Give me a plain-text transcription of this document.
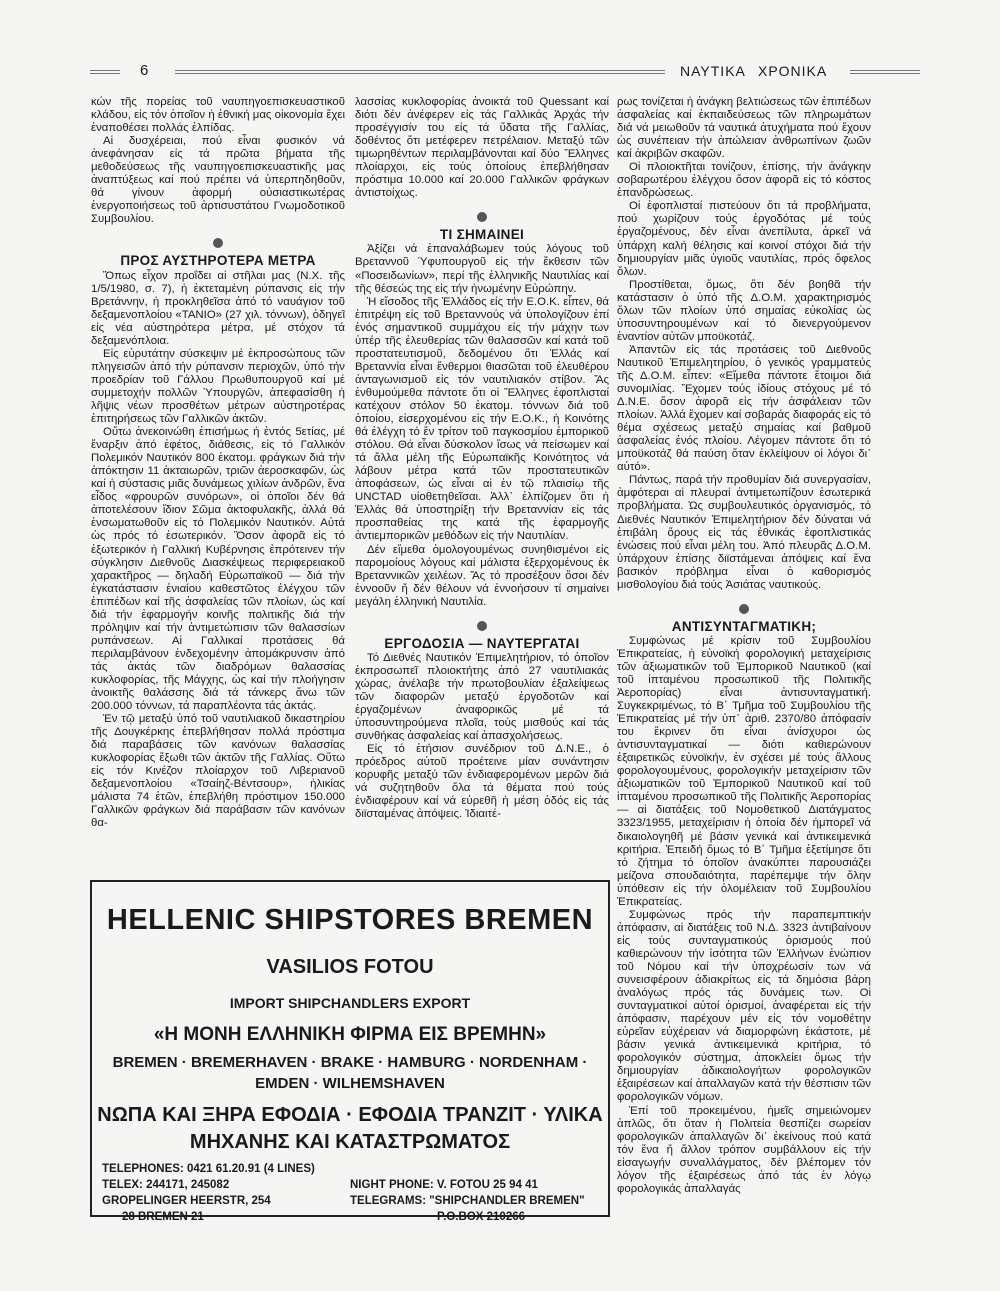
6	ΝΑΥΤΙΚΑ ΧΡΟΝΙΚΑ

κών τῆς πορείας τοῦ ναυπηγοεπισκευαστικοῦ κλάδου, εἰς τόν ὁποῖον ἡ ἐθνική μας οἰκονομία ἔχει ἐναποθέσει πολλάς ἐλπίδας.

Αἱ δυσχέρειαι, πού εἶναι φυσικόν νά ἀνεφάνησαν εἰς τά πρῶτα βήματα τῆς μεθοδεύσεως τῆς ναυπηγοεπισκευαστικῆς μας ἀναπτύξεως καί πού πρέπει νά ὑπερπηδηθοῦν, θά γίνουν ἀφορμή οὐσιαστικωτέρας ἐνεργοποιήσεως τοῦ ἀρτισυστάτου Γνωμοδοτικοῦ Συμβουλίου.

ΠΡΟΣ ΑΥΣΤΗΡΟΤΕΡΑ ΜΕΤΡΑ

Ὅπως εἶχον προΐδει αἱ στῆλαι μας (Ν.Χ. τῆς 1/5/1980, σ. 7), ἡ ἐκτεταμένη ρύπανσις εἰς τήν Βρετάννην, ἡ προκληθεῖσα ἀπό τό ναυάγιον τοῦ δεξαμενοπλοίου «ΤΑΝΙΟ» (27 χιλ. τόννων), ὁδηγεῖ εἰς νέα αὐστηρότερα μέτρα, μέ στόχον τά δεξαμενόπλοια.

Εἰς εὐρυτάτην σύσκεψιν μέ ἐκπροσώπους τῶν πληγεισῶν ἀπό τήν ρύπανσιν περιοχῶν, ὑπό τήν προεδρίαν τοῦ Γάλλου Πρωθυπουργοῦ καί μέ συμμετοχήν πολλῶν Ὑπουργῶν, ἀπεφασίσθη ἡ λῆψις νέων προσθέτων μέτρων αὐστηροτέρας ἐπιτηρήσεως τῶν Γαλλικῶν ἀκτῶν.

Οὕτω ἀνεκοινώθη ἐπισήμως ἡ ἐντός 5ετίας, μέ ἔναρξιν ἀπό ἐφέτος, διάθεσις, εἰς τό Γαλλικόν Πολεμικόν Ναυτικόν 800 ἑκατομ. φράγκων διά τήν ἀπόκτησιν 11 ἀκταιωρῶν, τριῶν ἀεροσκαφῶν, ὡς καί ἡ σύστασις μιᾶς δυνάμεως χιλίων ἀνδρῶν, ἕνα εἶδος «φρουρῶν συνόρων», οἱ ὁποῖοι δέν θά ἀποτελέσουν ἴδιον Σῶμα ἀκτοφυλακῆς, ἀλλά θά ἐνσωματωθοῦν εἰς τό Πολεμικόν Ναυτικόν. Αὐτά ὡς πρός τό ἐσωτερικόν. Ὅσον ἀφορᾶ εἰς τό ἐξωτερικόν ἡ Γαλλική Κυβέρνησις ἐπρότεινεν τήν σύγκλησιν Διεθνοῦς Διασκέψεως περιφερειακοῦ χαρακτῆρος — δηλαδή Εὐρωπαϊκοῦ — διά τήν ἐγκατάστασιν ἑνιαίου καθεστῶτος ἐλέγχου τῶν ἐπιπέδων καί τῆς ἀσφαλείας τῶν πλοίων, ὡς καί διά τήν ἐφαρμογήν κοινῆς πολιτικῆς διά τήν πρόληψιν καί τήν ἀντιμετώπισιν τῶν θαλασσίων ρυπάνσεων. Αἱ Γαλλικαί προτάσεις θά περιλαμβάνουν ἐνδεχομένην ἀπομάκρυνσιν ἀπό τάς ἀκτάς τῶν διαδρόμων θαλασσίας κυκλοφορίας, τῆς Μάγχης, ὡς καί τήν πλοήγησιν ἀνοικτῆς θαλάσσης διά τά τάνκερς ἄνω τῶν 200.000 τόννων, τά παραπλέοντα τάς ἀκτάς.

Ἐν τῷ μεταξύ ὑπό τοῦ ναυτιλιακοῦ δικαστηρίου τῆς Δουγκέρκης ἐπεβλήθησαν πολλά πρόστιμα διά παραβάσεις τῶν κανόνων θαλασσίας κυκλοφορίας ἔξωθι τῶν ἀκτῶν τῆς Γαλλίας. Οὕτω εἰς τόν Κινέζον πλοίαρχον τοῦ Λιβεριανοῦ δεξαμενοπλοίου «Τσαίηζ-Βέντσουρ», ἡλικίας μάλιστα 74 ἐτῶν, ἐπεβλήθη πρόστιμον 150.000 Γαλλικῶν φράγκων διά παράβασιν τῶν κανόνων θα-

λασσίας κυκλοφορίας ἀνοικτά τοῦ Quessant καί διότι δέν ἀνέφερεν εἰς τάς Γαλλικάς Ἀρχάς τήν προσέγγισίν του εἰς τά ὕδατα τῆς Γαλλίας, δοθέντος ὅτι μετέφερεν πετρέλαιον. Μεταξύ τῶν τιμωρηθέντων περιλαμβάνονται καί δύο Ἕλληνες πλοίαρχοι, εἰς τούς ὁποίους ἐπεβλήθησαν πρόστιμα 10.000 καί 20.000 Γαλλικῶν φράγκων ἀντιστοίχως.

ΤΙ ΣΗΜΑΙΝΕΙ

Ἀξίζει νά ἐπαναλάβωμεν τούς λόγους τοῦ Βρεταννοῦ Ὑφυπουργοῦ εἰς τήν ἔκθεσιν τῶν «Ποσειδωνίων», περί τῆς ἑλληνικῆς Ναυτιλίας καί τῆς θέσεώς της εἰς τήν ἡνωμένην Εὐρώπην.

Ἡ εἴσοδος τῆς Ἑλλάδος εἰς τήν Ε.Ο.Κ. εἶπεν, θά ἐπιτρέψη εἰς τοῦ Βρεταννούς νά ὑπολογίζουν ἐπί ἑνός σημαντικοῦ συμμάχου εἰς τήν μάχην των ὑπέρ τῆς ἐλευθερίας τῶν θαλασσῶν καί κατά τοῦ προστατευτισμοῦ, δεδομένου ὅτι Ἑλλάς καί Βρεταννία εἶναι ἔνθερμοι θιασῶται τοῦ ἐλευθέρου ἀνταγωνισμοῦ εἰς τόν ναυτιλιακόν στίβον. Ἄς ἐνθυμούμεθα πάντοτε ὅτι οἱ Ἕλληνες ἐφοπλισταί κατέχουν στόλον 50 ἑκατομ. τόννων διά τοῦ ὁποίου, εἰσερχομένου εἰς τήν Ε.Ο.Κ., ἡ Κοινότης θά ἐλέγχη τό ἕν τρίτον τοῦ παγκοσμίου ἐμπορικοῦ στόλου. Θά εἶναι δύσκολον ἴσως νά πείσωμεν καί τά ἄλλα μέλη τῆς Εὐρωπαϊκῆς Κοινότητος νά λάβουν μέτρα κατά τῶν προστατευτικῶν ἀποφάσεων, ὡς εἶναι αἱ ἐν τῷ πλαισίῳ τῆς UNCTAD υἱοθετηθεῖσαι. Ἀλλ᾽ ἐλπίζομεν ὅτι ἡ Ἑλλάς θά ὑποστηρίξη τήν Βρεταννίαν εἰς τάς προσπαθείας της κατά τῆς ἐφαρμογῆς ἀντιεμπορικῶν μεθόδων εἰς τήν Ναυτιλίαν.

Δέν εἴμεθα ὁμολογουμένως συνηθισμένοι εἰς παρομοίους λόγους καί μάλιστα ἐξερχομένους ἐκ Βρεταννικῶν χειλέων. Ἄς τό προσέξουν ὅσοι δέν ἐννοοῦν ἤ δέν θέλουν νά ἐννοήσουν τί σημαίνει μεγάλη ἑλληνική Ναυτιλία.

ΕΡΓΟΔΟΣΙΑ — ΝΑΥΤΕΡΓΑΤΑΙ

Τό Διεθνές Ναυτικόν Ἐπιμελητήριον, τό ὁποῖον ἐκπροσωπεῖ πλοιοκτήτης ἀπό 27 ναυτιλιακάς χώρας, ἀνέλαβε τήν πρωτοβουλίαν ἐξαλείψεως τῶν διαφορῶν μεταξύ ἐργοδοτῶν καί ἐργαζομένων ἀναφορικῶς μέ τά ὑποσυντηρούμενα πλοῖα, τούς μισθούς καί τάς συνθήκας ἀσφαλείας καί ἀπασχολήσεως.

Εἰς τό ἐτήσιον συνέδριον τοῦ Δ.Ν.Ε., ὁ πρόεδρος αὐτοῦ προέτεινε μίαν συνάντησιν κορυφῆς μεταξύ τῶν ἐνδιαφερομένων μερῶν διά νά συζητηθοῦν ὅλα τά θέματα πού τούς ἐνδιαφέρουν καί νά εὑρεθῆ ἡ μέση ὁδός εἰς τάς διϊσταμένας ἀπόψεις. Ἰδιαιτέ-

ρως τονίζεται ἡ ἀνάγκη βελτιώσεως τῶν ἐπιπέδων ἀσφαλείας καί ἐκπαιδεύσεως τῶν πληρωμάτων διά νά μειωθοῦν τά ναυτικά ἀτυχήματα πού ἔχουν ὡς συνέπειαν τήν ἀπώλειαν ἀνθρωπίνων ζωῶν καί ἀκριβῶν σκαφῶν.

Οἱ πλοιοκτῆται τονίζουν, ἐπίσης, τήν ἀνάγκην σοβαρωτέρου ἐλέγχου ὅσον ἀφορᾶ εἰς τό κόστος ἐπανδρώσεως.

Οἱ ἐφοπλισταί πιστεύουν ὅτι τά προβλήματα, πού χωρίζουν τούς ἐργοδότας μέ τούς ἐργαζομένους, δέν εἶναι ἀνεπίλυτα, ἀρκεῖ νά ὑπάρχη καλή θέλησις καί κοινοί στόχοι διά τήν δημιουργίαν μιᾶς ὑγιοῦς ναυτιλίας, πρός ὄφελος ὅλων.

Προστίθεται, ὅμως, ὅτι δέν βοηθᾶ τήν κατάστασιν ὁ ὑπό τῆς Δ.Ο.Μ. χαρακτηρισμός ὅλων τῶν πλοίων ὑπό σημαίας εὐκολίας ὡς ὑποσυντηρουμένων καί τό διενεργούμενον ἐναντίον αὐτῶν μποϋκοτάζ.

Ἀπαντῶν εἰς τάς προτάσεις τοῦ Διεθνοῦς Ναυτικοῦ Ἐπιμελητηρίου, ὁ γενικός γραμματεύς τῆς Δ.Ο.Μ. εἶπεν: «Εἴμεθα πάντοτε ἕτοιμοι διά συνομιλίας. Ἔχομεν τούς ἰδίους στόχους μέ τό Δ.Ν.Ε. ὅσον ἀφορᾶ εἰς τήν ἀσφάλειαν τῶν πλοίων. Ἀλλά ἔχομεν καί σοβαράς διαφοράς εἰς τό θέμα σχέσεως μεταξύ σημαίας καί βαθμοῦ ἀσφαλείας ἑνός πλοίου. Λέγομεν πάντοτε ὅτι τό μποϋκοτάζ θά παύση ὅταν ἐκλείψουν οἱ λόγοι δι᾽ αὐτό».

Πάντως, παρά τήν προθυμίαν διά συνεργασίαν, ἀμφότεραι αἱ πλευραί ἀντιμετωπίζουν ἐσωτερικά προβλήματα. Ὡς συμβουλευτικός ὀργανισμός, τό Διεθνές Ναυτικόν Ἐπιμελητήριον δέν δύναται νά ἐπιβάλη ὅρους εἰς τάς ἐθνικάς ἐφοπλιστικάς ἑνώσεις πού εἶναι μέλη του. Ἀπό πλευρᾶς Δ.Ο.Μ. ὑπάρχουν ἐπίσης διϊστάμεναι ἀπόψεις καί ἕνα βασικόν πρόβλημα εἶναι ὁ καθορισμός μισθολογίου διά τούς Ἀσιάτας ναυτικούς.

ΑΝΤΙΣΥΝΤΑΓΜΑΤΙΚΗ;

Συμφώνως μέ κρίσιν τοῦ Συμβουλίου Ἐπικρατείας, ἡ εὐνοϊκή φορολογική μεταχείρισις τῶν ἀξιωματικῶν τοῦ Ἐμπορικοῦ Ναυτικοῦ (καί τοῦ ἱπταμένου προσωπικοῦ τῆς Πολιτικῆς Ἀεροπορίας) εἶναι ἀντισυνταγματική. Συγκεκριμένως, τό Β΄ Τμῆμα τοῦ Συμβουλίου τῆς Ἐπικρατείας μέ τήν ὑπ᾽ ἀριθ. 2370/80 ἀπόφασίν του ἔκρινεν ὅτι εἶναι ἀνίσχυροι ὡς ἀντισυνταγματικαί — διότι καθιερώνουν ἐξαιρετικῶς εὐνοϊκήν, ἐν σχέσει μέ τούς ἄλλους φορολογουμένους, φορολογικήν μεταχείρισιν τῶν ἀξιωματικῶν τοῦ Ἐμπορικοῦ Ναυτικοῦ καί τοῦ ἱπταμένου προσωπικοῦ τῆς Πολιτικῆς Ἀεροπορίας — αἱ διατάξεις τοῦ Νομοθετικοῦ Διατάγματος 3323/1955, μεταχείρισιν ἡ ὁποία δέν ἠμπορεῖ νά δικαιολογηθῆ μέ βάσιν γενικά καί ἀντικειμενικά κριτήρια. Ἐπειδή ὅμως τό Β΄ Τμῆμα ἐξετίμησε ὅτι τό ζήτημα τό ὁποῖον ἀνακύπτει παρουσιάζει μείζονα σπουδαιότητα, παρέπεμψε τήν ὅλην ὑπόθεσιν εἰς τήν ὁλομέλειαν τοῦ Συμβουλίου Ἐπικρατείας.

Συμφώνως πρός τήν παραπεμπτικήν ἀπόφασιν, αἱ διατάξεις τοῦ Ν.Δ. 3323 ἀντιβαίνουν εἰς τούς συνταγματικούς ὁρισμούς πού καθιερώνουν τήν ἰσότητα τῶν Ἑλλήνων ἐνώπιον τοῦ Νόμου καί τήν ὑποχρέωσίν των νά συνεισφέρουν ἀδιακρίτως εἰς τά δημόσια βάρη ἀναλόγως πρός τάς δυνάμεις των. Οἱ συνταγματικοί αὐτοί ὁρισμοί, ἀναφέρεται εἰς τήν ἀπόφασιν, παρέχουν μέν εἰς τόν νομοθέτην εὐρεῖαν εὐχέρειαν νά διαμορφώνη ἑκάστοτε, μέ βάσιν γενικά ἀντικειμενικά κριτήρια, τό φορολογικόν σύστημα, ἀποκλείει ὅμως τήν δημιουργίαν ἀδικαιολογήτων φορολογικῶν ἐξαιρέσεων καί ἀπαλλαγῶν κατά τήν θέσπισιν τῶν φορολογικῶν νόμων.

Ἐπί τοῦ προκειμένου, ἡμεῖς σημειώνομεν ἁπλῶς, ὅτι ὅταν ἡ Πολιτεία θεσπίζει σωρείαν φορολογικῶν ἀπαλλαγῶν δι᾽ ἐκείνους πού κατά τόν ἕνα ἤ ἄλλον τρόπον συμβάλλουν εἰς τήν εἰσαγωγήν συναλλάγματος, δέν βλέπομεν τόν λόγον τῆς ἐξαιρέσεως ἀπό τάς ἐν λόγῳ φορολογικάς ἀπαλλαγάς

HELLENIC SHIPSTORES BREMEN
VASILIOS FOTOU
IMPORT SHIPCHANDLERS EXPORT
«Η ΜΟΝΗ ΕΛΛΗΝΙΚΗ ΦΙΡΜΑ ΕΙΣ ΒΡΕΜΗΝ»
BREMEN · BREMERHAVEN · BRAKE · HAMBURG · NORDENHAM ·
EMDEN · WILHEMSHAVEN
ΝΩΠΑ ΚΑΙ ΞΗΡΑ ΕΦΟΔΙΑ · ΕΦΟΔΙΑ ΤΡΑΝΖΙΤ · ΥΛΙΚΑ
ΜΗΧΑΝΗΣ ΚΑΙ ΚΑΤΑΣΤΡΩΜΑΤΟΣ
TELEPHONES: 0421 61.20.91 (4 LINES)
TELEX: 244171, 245082
GROPELINGER HEERSTR, 254
28 BREMEN 21
NIGHT PHONE: V. FOTOU 25 94 41
TELEGRAMS: "SHIPCHANDLER BREMEN"
P.O.BOX 210266
